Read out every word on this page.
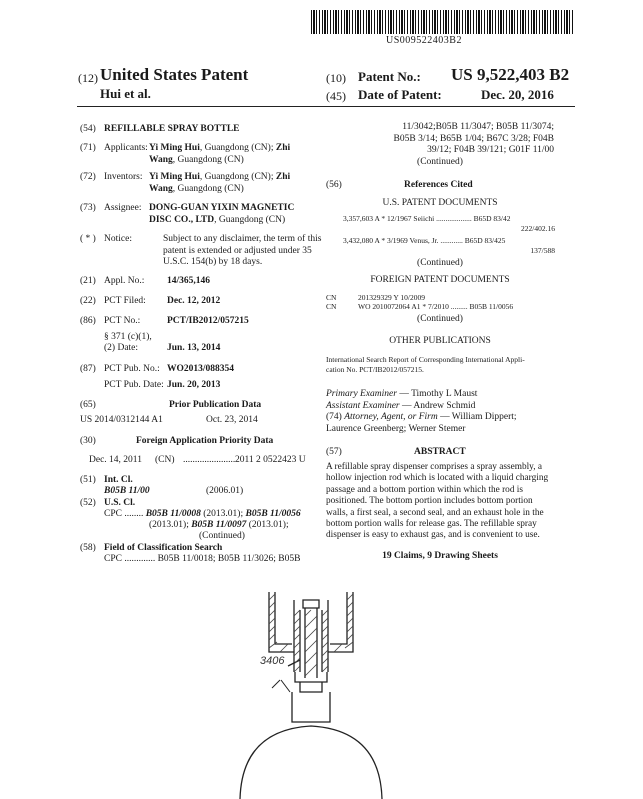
US009522403B2
(12) United States Patent
Hui et al.
(10) Patent No.: US 9,522,403 B2
(45) Date of Patent:	Dec. 20, 2016
(54) REFILLABLE SPRAY BOTTLE
(71) Applicants: Yi Ming Hui, Guangdong (CN); Zhi
Wang, Guangdong (CN)
(72) Inventors: Yi Ming Hui, Guangdong (CN); Zhi
Wang, Guangdong (CN)
(73) Assignee: DONG-GUAN YIXIN MAGNETIC
DISC CO., LTD, Guangdong (CN)
( * ) Notice:	Subject to any disclaimer, the term of this
patent is extended or adjusted under 35
U.S.C. 154(b) by 18 days.
(21) Appl. No.: 14/365,146
(22) PCT Filed: Dec. 12, 2012
(86) PCT No.:	PCT/IB2012/057215
§ 371 (c)(1),
(2) Date:	Jun. 13, 2014
(87) PCT Pub. No.: WO2013/088354
PCT Pub. Date: Jun. 20, 2013
(65)	Prior Publication Data
US 2014/0312144 A1	Oct. 23, 2014
(30)	Foreign Application Priority Data
Dec. 14, 2011 (CN) ...................... 2011 2 0522423 U
(51) Int. Cl.
B05B 11/00	(2006.01)
(52) U.S. Cl.
CPC ........ B05B 11/0008 (2013.01); B05B 11/0056
(2013.01); B05B 11/0097 (2013.01);
(Continued)
(58) Field of Classification Search
CPC ............. B05B 11/0018; B05B 11/3026; B05B
11/3042;B05B 11/3047; B05B 11/3074;
B05B 3/14; B65B 1/04; B67C 3/28; F04B
39/12; F04B 39/121; G01F 11/00
(Continued)
(56)	References Cited
U.S. PATENT DOCUMENTS
3,357,603 A * 12/1967 Seiichi ................... B65D 83/42
222/402.16
3,432,080 A * 3/1969 Venus, Jr. ............ B65D 83/425
137/588
(Continued)
FOREIGN PATENT DOCUMENTS
CN	201329329 Y 10/2009
CN	WO 2010072064 A1 * 7/2010 ......... B05B 11/0056
(Continued)
OTHER PUBLICATIONS
International Search Report of Corresponding International Appli-
cation No. PCT/IB2012/057215.
Primary Examiner — Timothy L Maust
Assistant Examiner — Andrew Schmid
(74) Attorney, Agent, or Firm — William Dippert;
Laurence Greenberg; Werner Stemer
(57)	ABSTRACT
A refillable spray dispenser comprises a spray assembly, a
hollow injection rod which is located with a liquid charging
passage and a bottom portion within which the rod is
positioned. The bottom portion includes bottom portion
walls, a first seal, a second seal, and an exhaust hole in the
bottom portion walls for release gas. The refillable spray
dispenser is easy to exhaust gas, and is convenient to use.
19 Claims, 9 Drawing Sheets
3406
